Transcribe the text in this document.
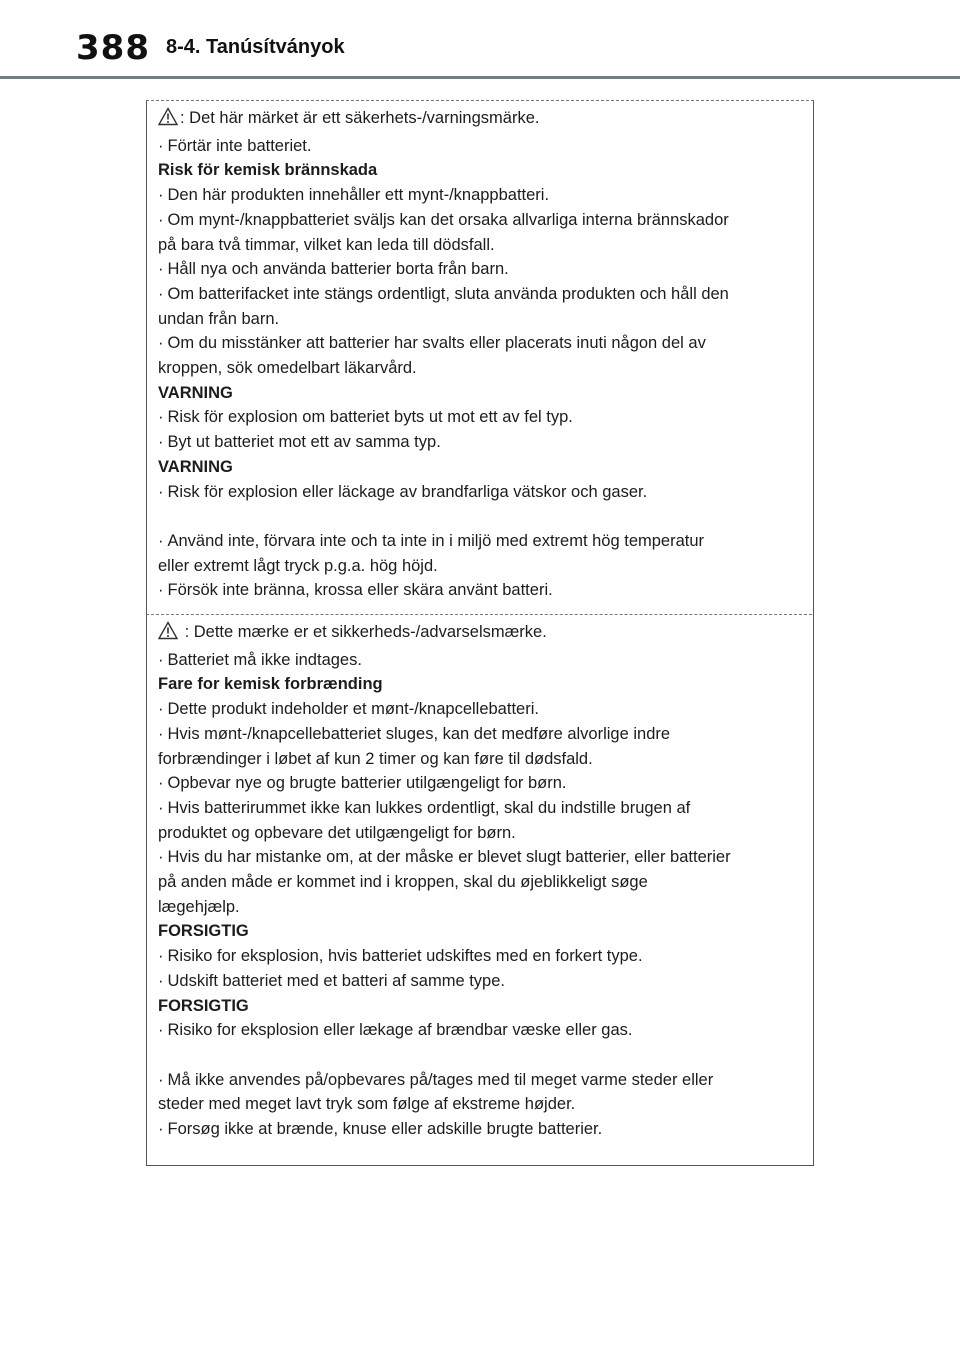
388 8-4. Tanúsítványok
: Det här märket är ett säkerhets-/varningsmärke.
· Förtär inte batteriet.
Risk för kemisk brännskada
· Den här produkten innehåller ett mynt-/knappbatteri.
· Om mynt-/knappbatteriet sväljs kan det orsaka allvarliga interna brännskador
på bara två timmar, vilket kan leda till dödsfall.
· Håll nya och använda batterier borta från barn.
· Om batterifacket inte stängs ordentligt, sluta använda produkten och håll den
undan från barn.
· Om du misstänker att batterier har svalts eller placerats inuti någon del av
kroppen, sök omedelbart läkarvård.
VARNING
· Risk för explosion om batteriet byts ut mot ett av fel typ.
· Byt ut batteriet mot ett av samma typ.
VARNING
· Risk för explosion eller läckage av brandfarliga vätskor och gaser.
· Använd inte, förvara inte och ta inte in i miljö med extremt hög temperatur
eller extremt lågt tryck p.g.a. hög höjd.
· Försök inte bränna, krossa eller skära använt batteri.
: Dette mærke er et sikkerheds-/advarselsmærke.
· Batteriet må ikke indtages.
Fare for kemisk forbrænding
· Dette produkt indeholder et mønt-/knapcellebatteri.
· Hvis mønt-/knapcellebatteriet sluges, kan det medføre alvorlige indre
forbrændinger i løbet af kun 2 timer og kan føre til dødsfald.
· Opbevar nye og brugte batterier utilgængeligt for børn.
· Hvis batterirummet ikke kan lukkes ordentligt, skal du indstille brugen af
produktet og opbevare det utilgængeligt for børn.
· Hvis du har mistanke om, at der måske er blevet slugt batterier, eller batterier
på anden måde er kommet ind i kroppen, skal du øjeblikkeligt søge
lægehjælp.
FORSIGTIG
· Risiko for eksplosion, hvis batteriet udskiftes med en forkert type.
· Udskift batteriet med et batteri af samme type.
FORSIGTIG
· Risiko for eksplosion eller lækage af brændbar væske eller gas.
· Må ikke anvendes på/opbevares på/tages med til meget varme steder eller
steder med meget lavt tryk som følge af ekstreme højder.
· Forsøg ikke at brænde, knuse eller adskille brugte batterier.
